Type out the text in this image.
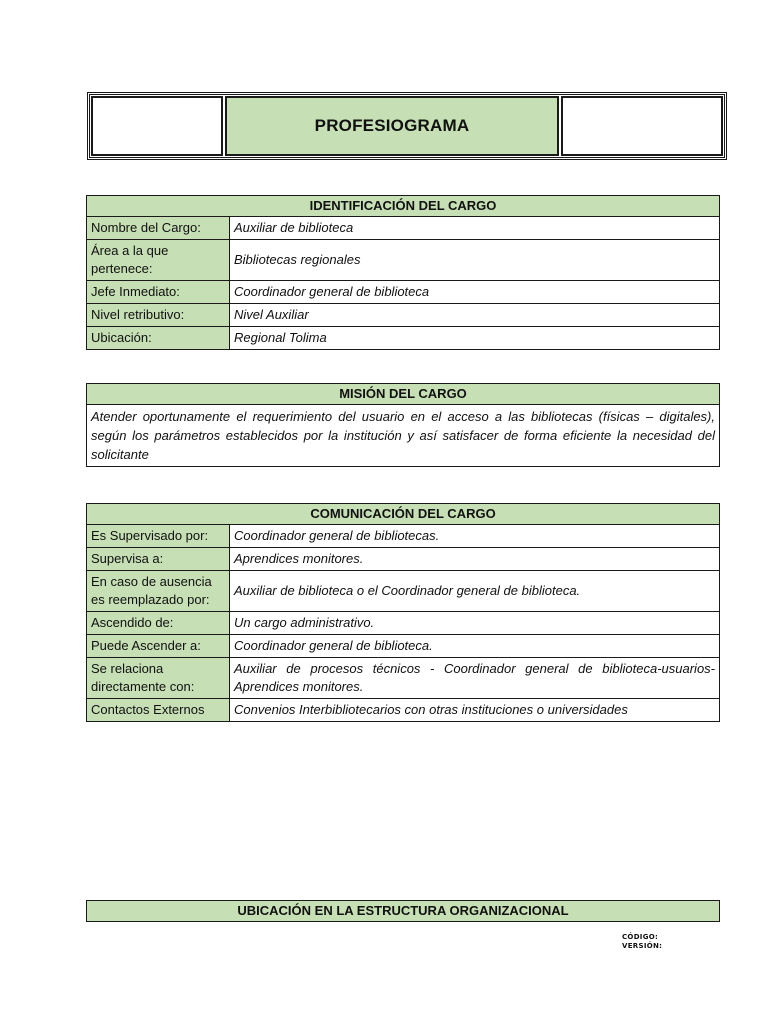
PROFESIOGRAMA
IDENTIFICACIÓN DEL CARGO	
Nombre del Cargo:	Auxiliar de biblioteca
Área a la que pertenece:	Bibliotecas regionales
Jefe Inmediato:	Coordinador general de biblioteca
Nivel retributivo:	Nivel Auxiliar
Ubicación:	Regional Tolima
MISIÓN DEL CARGO
Atender oportunamente el requerimiento del usuario en el acceso a las bibliotecas (físicas – digitales), según los parámetros establecidos por la institución y así satisfacer de forma eficiente la necesidad del solicitante
COMUNICACIÓN DEL CARGO	
Es Supervisado por:	Coordinador general de bibliotecas.
Supervisa a:	Aprendices monitores.
En caso de ausencia es reemplazado por:	Auxiliar de biblioteca o el Coordinador general de biblioteca.
Ascendido de:	Un cargo administrativo.
Puede Ascender a:	Coordinador general de biblioteca.
Se relaciona directamente con:	Auxiliar de procesos técnicos - Coordinador general de biblioteca-usuarios-Aprendices monitores.
Contactos Externos	Convenios Interbibliotecarios con otras instituciones o universidades
UBICACIÓN EN LA ESTRUCTURA ORGANIZACIONAL
CÓDIGO:
VERSIÓN:
